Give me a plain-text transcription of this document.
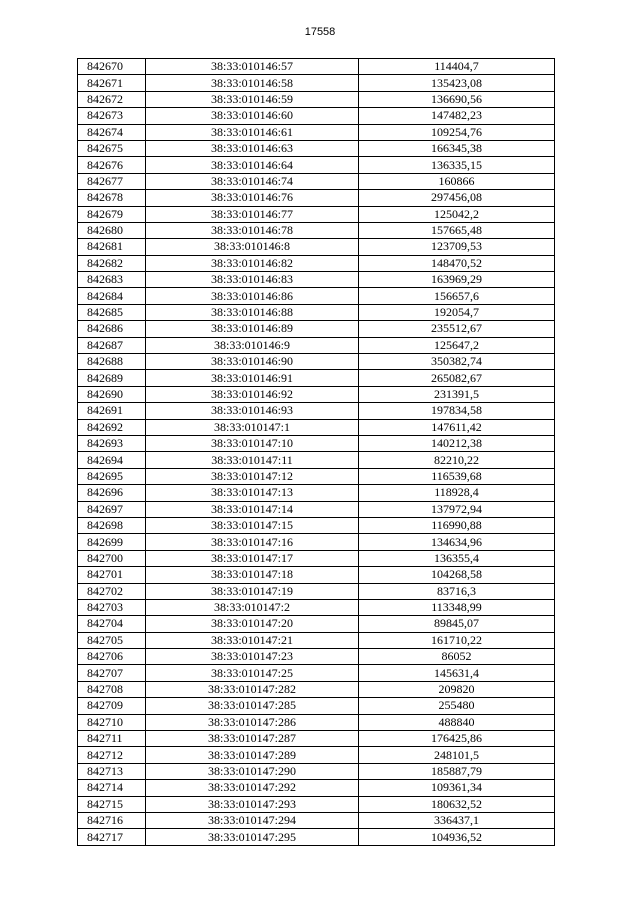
17558
842670	38:33:010146:57	114404,7
842671	38:33:010146:58	135423,08
842672	38:33:010146:59	136690,56
842673	38:33:010146:60	147482,23
842674	38:33:010146:61	109254,76
842675	38:33:010146:63	166345,38
842676	38:33:010146:64	136335,15
842677	38:33:010146:74	160866
842678	38:33:010146:76	297456,08
842679	38:33:010146:77	125042,2
842680	38:33:010146:78	157665,48
842681	38:33:010146:8	123709,53
842682	38:33:010146:82	148470,52
842683	38:33:010146:83	163969,29
842684	38:33:010146:86	156657,6
842685	38:33:010146:88	192054,7
842686	38:33:010146:89	235512,67
842687	38:33:010146:9	125647,2
842688	38:33:010146:90	350382,74
842689	38:33:010146:91	265082,67
842690	38:33:010146:92	231391,5
842691	38:33:010146:93	197834,58
842692	38:33:010147:1	147611,42
842693	38:33:010147:10	140212,38
842694	38:33:010147:11	82210,22
842695	38:33:010147:12	116539,68
842696	38:33:010147:13	118928,4
842697	38:33:010147:14	137972,94
842698	38:33:010147:15	116990,88
842699	38:33:010147:16	134634,96
842700	38:33:010147:17	136355,4
842701	38:33:010147:18	104268,58
842702	38:33:010147:19	83716,3
842703	38:33:010147:2	113348,99
842704	38:33:010147:20	89845,07
842705	38:33:010147:21	161710,22
842706	38:33:010147:23	86052
842707	38:33:010147:25	145631,4
842708	38:33:010147:282	209820
842709	38:33:010147:285	255480
842710	38:33:010147:286	488840
842711	38:33:010147:287	176425,86
842712	38:33:010147:289	248101,5
842713	38:33:010147:290	185887,79
842714	38:33:010147:292	109361,34
842715	38:33:010147:293	180632,52
842716	38:33:010147:294	336437,1
842717	38:33:010147:295	104936,52
